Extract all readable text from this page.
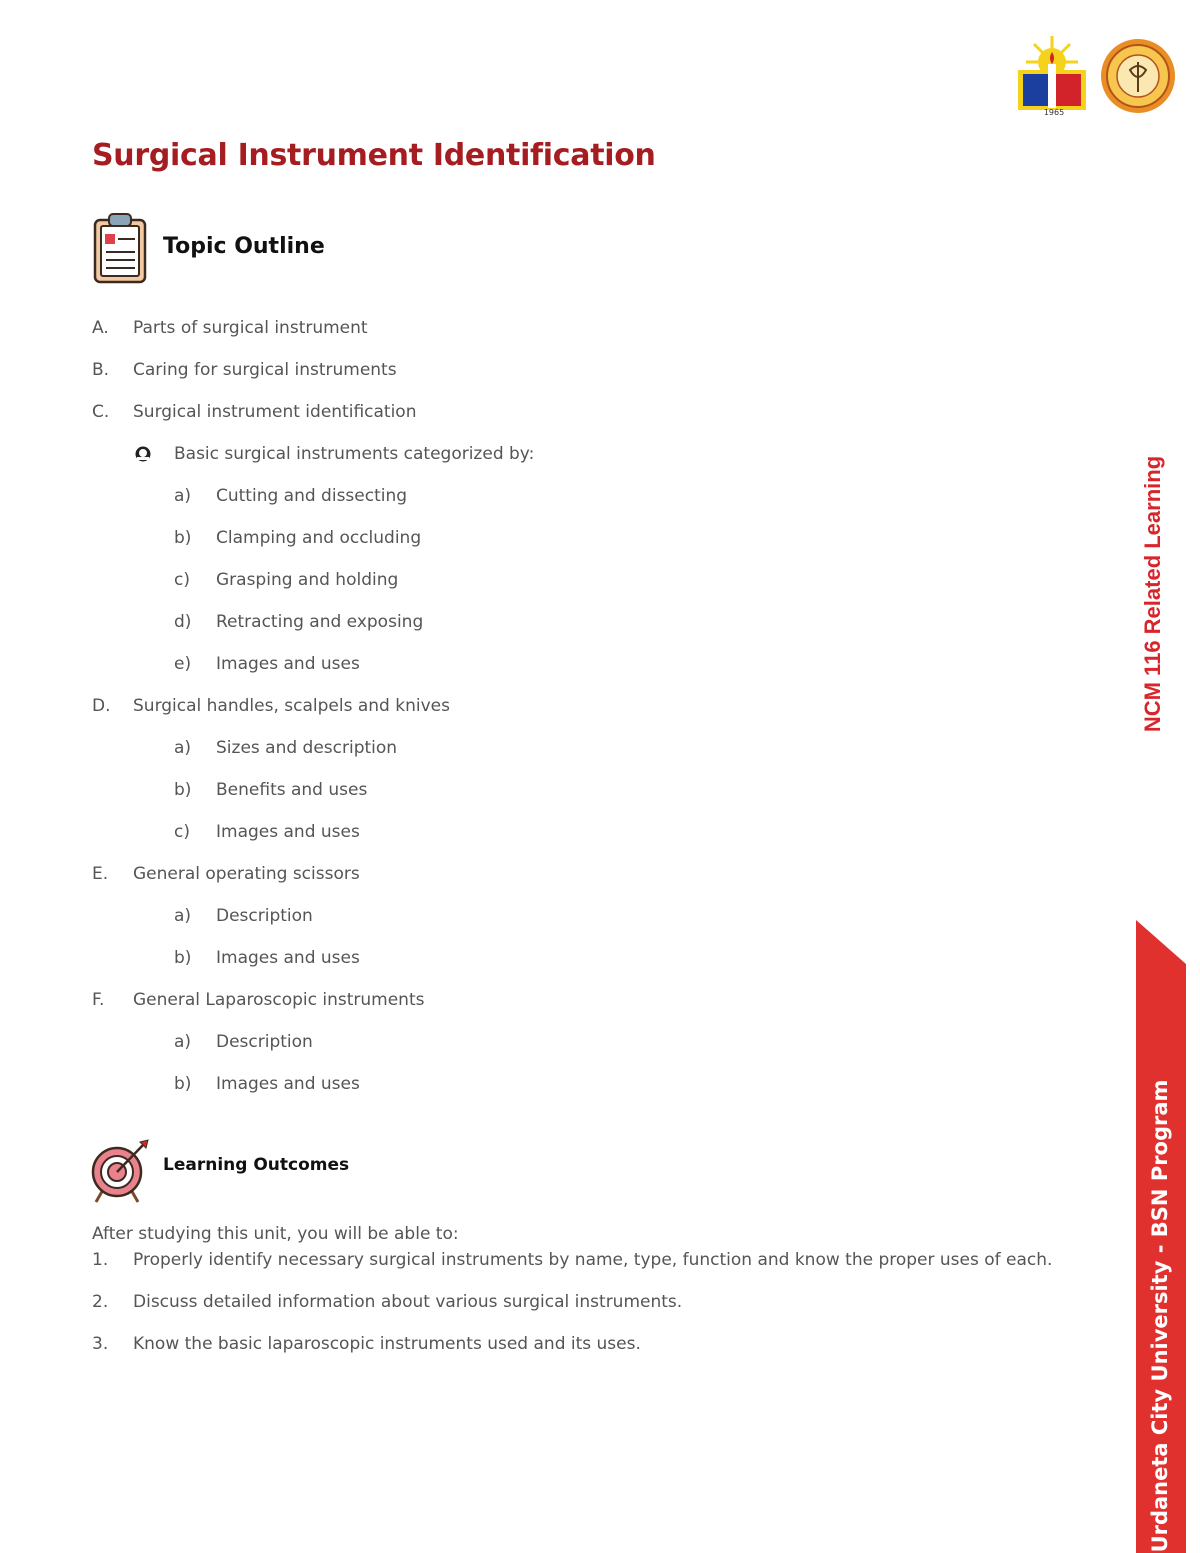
1965
Surgical Instrument Identification
Topic Outline
A. Parts of surgical instrument
B. Caring for surgical instruments
C. Surgical instrument identification
Basic surgical instruments categorized by:
a) Cutting and dissecting
b) Clamping and occluding
c) Grasping and holding
d) Retracting and exposing
e) Images and uses
D. Surgical handles, scalpels and knives
a) Sizes and description
b) Benefits and uses
c) Images and uses
E. General operating scissors
a) Description
b) Images and uses
F. General Laparoscopic instruments
a) Description
b) Images and uses
Learning Outcomes
After studying this unit, you will be able to:
1. Properly identify necessary surgical instruments by name, type, function and know the proper uses of each.
2. Discuss detailed information about various surgical instruments.
3. Know the basic laparoscopic instruments used and its uses.
NCM 116 Related Learning
Urdaneta City University - BSN Program
